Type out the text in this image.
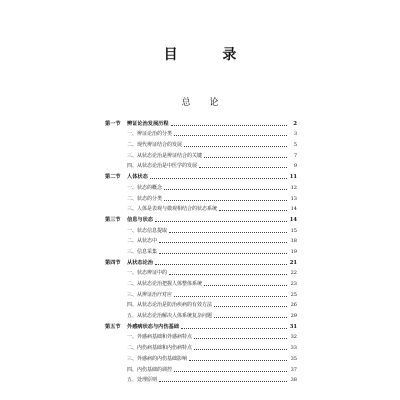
目 录
总 论
第一节	辨证论治发展历程	2
一、辨证论治的分类	3
二、现代辨证结合的发展	5
三、从状态论治是辨证结合的关键	7
四、从状态论治是中医学的发展	9
第二节	人体状态	11
一、状态的概念	12
二、状态的分类	13
三、人体是表观与微观相结合的状态系统	14
第三节	信息与状态	14
一、状态信息提取	15
二、从状态中	18
三、信息采集	19
第四节	从状态论治	21
一、状态辨证中的	22
二、从状态论治把握人体整体系统	23
三、从辨证治疗对应	25
四、从状态论治是防治疾病的有效方法	26
五、从状态论治解决人体系统复杂问题	29
第五节	外感病状态与内伤基础	31
一、外感病基础和外感病特点	32
二、内伤病基础和内伤病特点	33
三、外感病的内伤基础影响	35
四、内伤基础的调控	37
五、处理原则	38
